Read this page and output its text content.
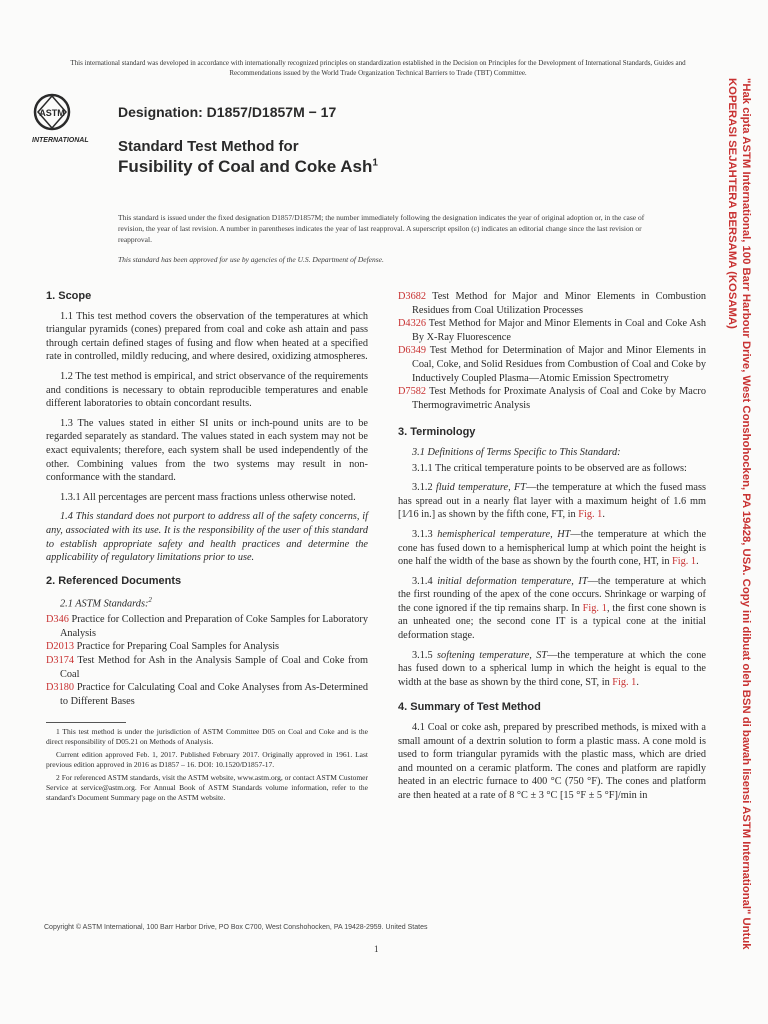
This international standard was developed in accordance with internationally recognized principles on standardization established in the Decision on Principles for the Development of International Standards, Guides and Recommendations issued by the World Trade Organization Technical Barriers to Trade (TBT) Committee.
ASTM
INTERNATIONAL
Designation: D1857/D1857M − 17
Standard Test Method for
Fusibility of Coal and Coke Ash$^1$
This standard is issued under the fixed designation D1857/D1857M; the number immediately following the designation indicates the year of original adoption or, in the case of revision, the year of last revision. A number in parentheses indicates the year of last reapproval. A superscript epsilon (ε) indicates an editorial change since the last revision or reapproval.
This standard has been approved for use by agencies of the U.S. Department of Defense.
1. Scope

1.1 This test method covers the observation of the temperatures at which triangular pyramids (cones) prepared from coal and coke ash attain and pass through certain defined stages of fusing and flow when heated at a specified rate in controlled, mildly reducing, and where desired, oxidizing atmospheres.

1.2 The test method is empirical, and strict observance of the requirements and conditions is necessary to obtain reproducible temperatures and enable different laboratories to obtain concordant results.

1.3 The values stated in either SI units or inch-pound units are to be regarded separately as standard. The values stated in each system may not be exact equivalents; therefore, each system shall be used independently of the other. Combining values from the two systems may result in non-conformance with the standard.

1.3.1 All percentages are percent mass fractions unless otherwise noted.

1.4 This standard does not purport to address all of the safety concerns, if any, associated with its use. It is the responsibility of the user of this standard to establish appropriate safety and health practices and determine the applicability of regulatory limitations prior to use.

2. Referenced Documents

2.1 ASTM Standards:$^2$

D346 Practice for Collection and Preparation of Coke Samples for Laboratory Analysis
D2013 Practice for Preparing Coal Samples for Analysis
D3174 Test Method for Ash in the Analysis Sample of Coal and Coke from Coal
D3180 Practice for Calculating Coal and Coke Analyses from As-Determined to Different Bases

1 This test method is under the jurisdiction of ASTM Committee D05 on Coal and Coke and is the direct responsibility of D05.21 on Methods of Analysis.

Current edition approved Feb. 1, 2017. Published February 2017. Originally approved in 1961. Last previous edition approved in 2016 as D1857 – 16. DOI: 10.1520/D1857-17.

2 For referenced ASTM standards, visit the ASTM website, www.astm.org, or contact ASTM Customer Service at service@astm.org. For Annual Book of ASTM Standards volume information, refer to the standard's Document Summary page on the ASTM website.

D3682 Test Method for Major and Minor Elements in Combustion Residues from Coal Utilization Processes
D4326 Test Method for Major and Minor Elements in Coal and Coke Ash By X-Ray Fluorescence
D6349 Test Method for Determination of Major and Minor Elements in Coal, Coke, and Solid Residues from Combustion of Coal and Coke by Inductively Coupled Plasma—Atomic Emission Spectrometry
D7582 Test Methods for Proximate Analysis of Coal and Coke by Macro Thermogravimetric Analysis
3. Terminology

3.1 Definitions of Terms Specific to This Standard:

3.1.1 The critical temperature points to be observed are as follows:

3.1.2 fluid temperature, FT—the temperature at which the fused mass has spread out in a nearly flat layer with a maximum height of 1.6 mm [1⁄16 in.] as shown by the fifth cone, FT, in Fig. 1.

3.1.3 hemispherical temperature, HT—the temperature at which the cone has fused down to a hemispherical lump at which point the height is one half the width of the base as shown by the fourth cone, HT, in Fig. 1.

3.1.4 initial deformation temperature, IT—the temperature at which the first rounding of the apex of the cone occurs. Shrinkage or warping of the cone ignored if the tip remains sharp. In Fig. 1, the first cone shown is an unheated one; the second cone IT is a typical cone at the initial deformation stage.

3.1.5 softening temperature, ST—the temperature at which the cone has fused down to a spherical lump in which the height is equal to the width at the base as shown by the third cone, ST, in Fig. 1.

4. Summary of Test Method

4.1 Coal or coke ash, prepared by prescribed methods, is mixed with a small amount of a dextrin solution to form a plastic mass. A cone mold is used to form triangular pyramids with the plastic mass, which are dried and mounted on a ceramic platform. The cones and platform are rapidly heated in an electric furnace to 400 °C (750 °F). The cones and platform are then heated at a rate of 8 °C ± 3 °C [15 °F ± 5 °F]/min in

Copyright © ASTM International, 100 Barr Harbor Drive, PO Box C700, West Conshohocken, PA 19428-2959. United States
1	"Hak cipta ASTM International, 100 Barr Harbour Drive, West Conshohocken, PA 19428, USA. Copy ini dibuat oleh BSN di bawah lisensi ASTM International" Untuk KOPERASI SEJAHTERA BERSAMA (KOSAMA)
